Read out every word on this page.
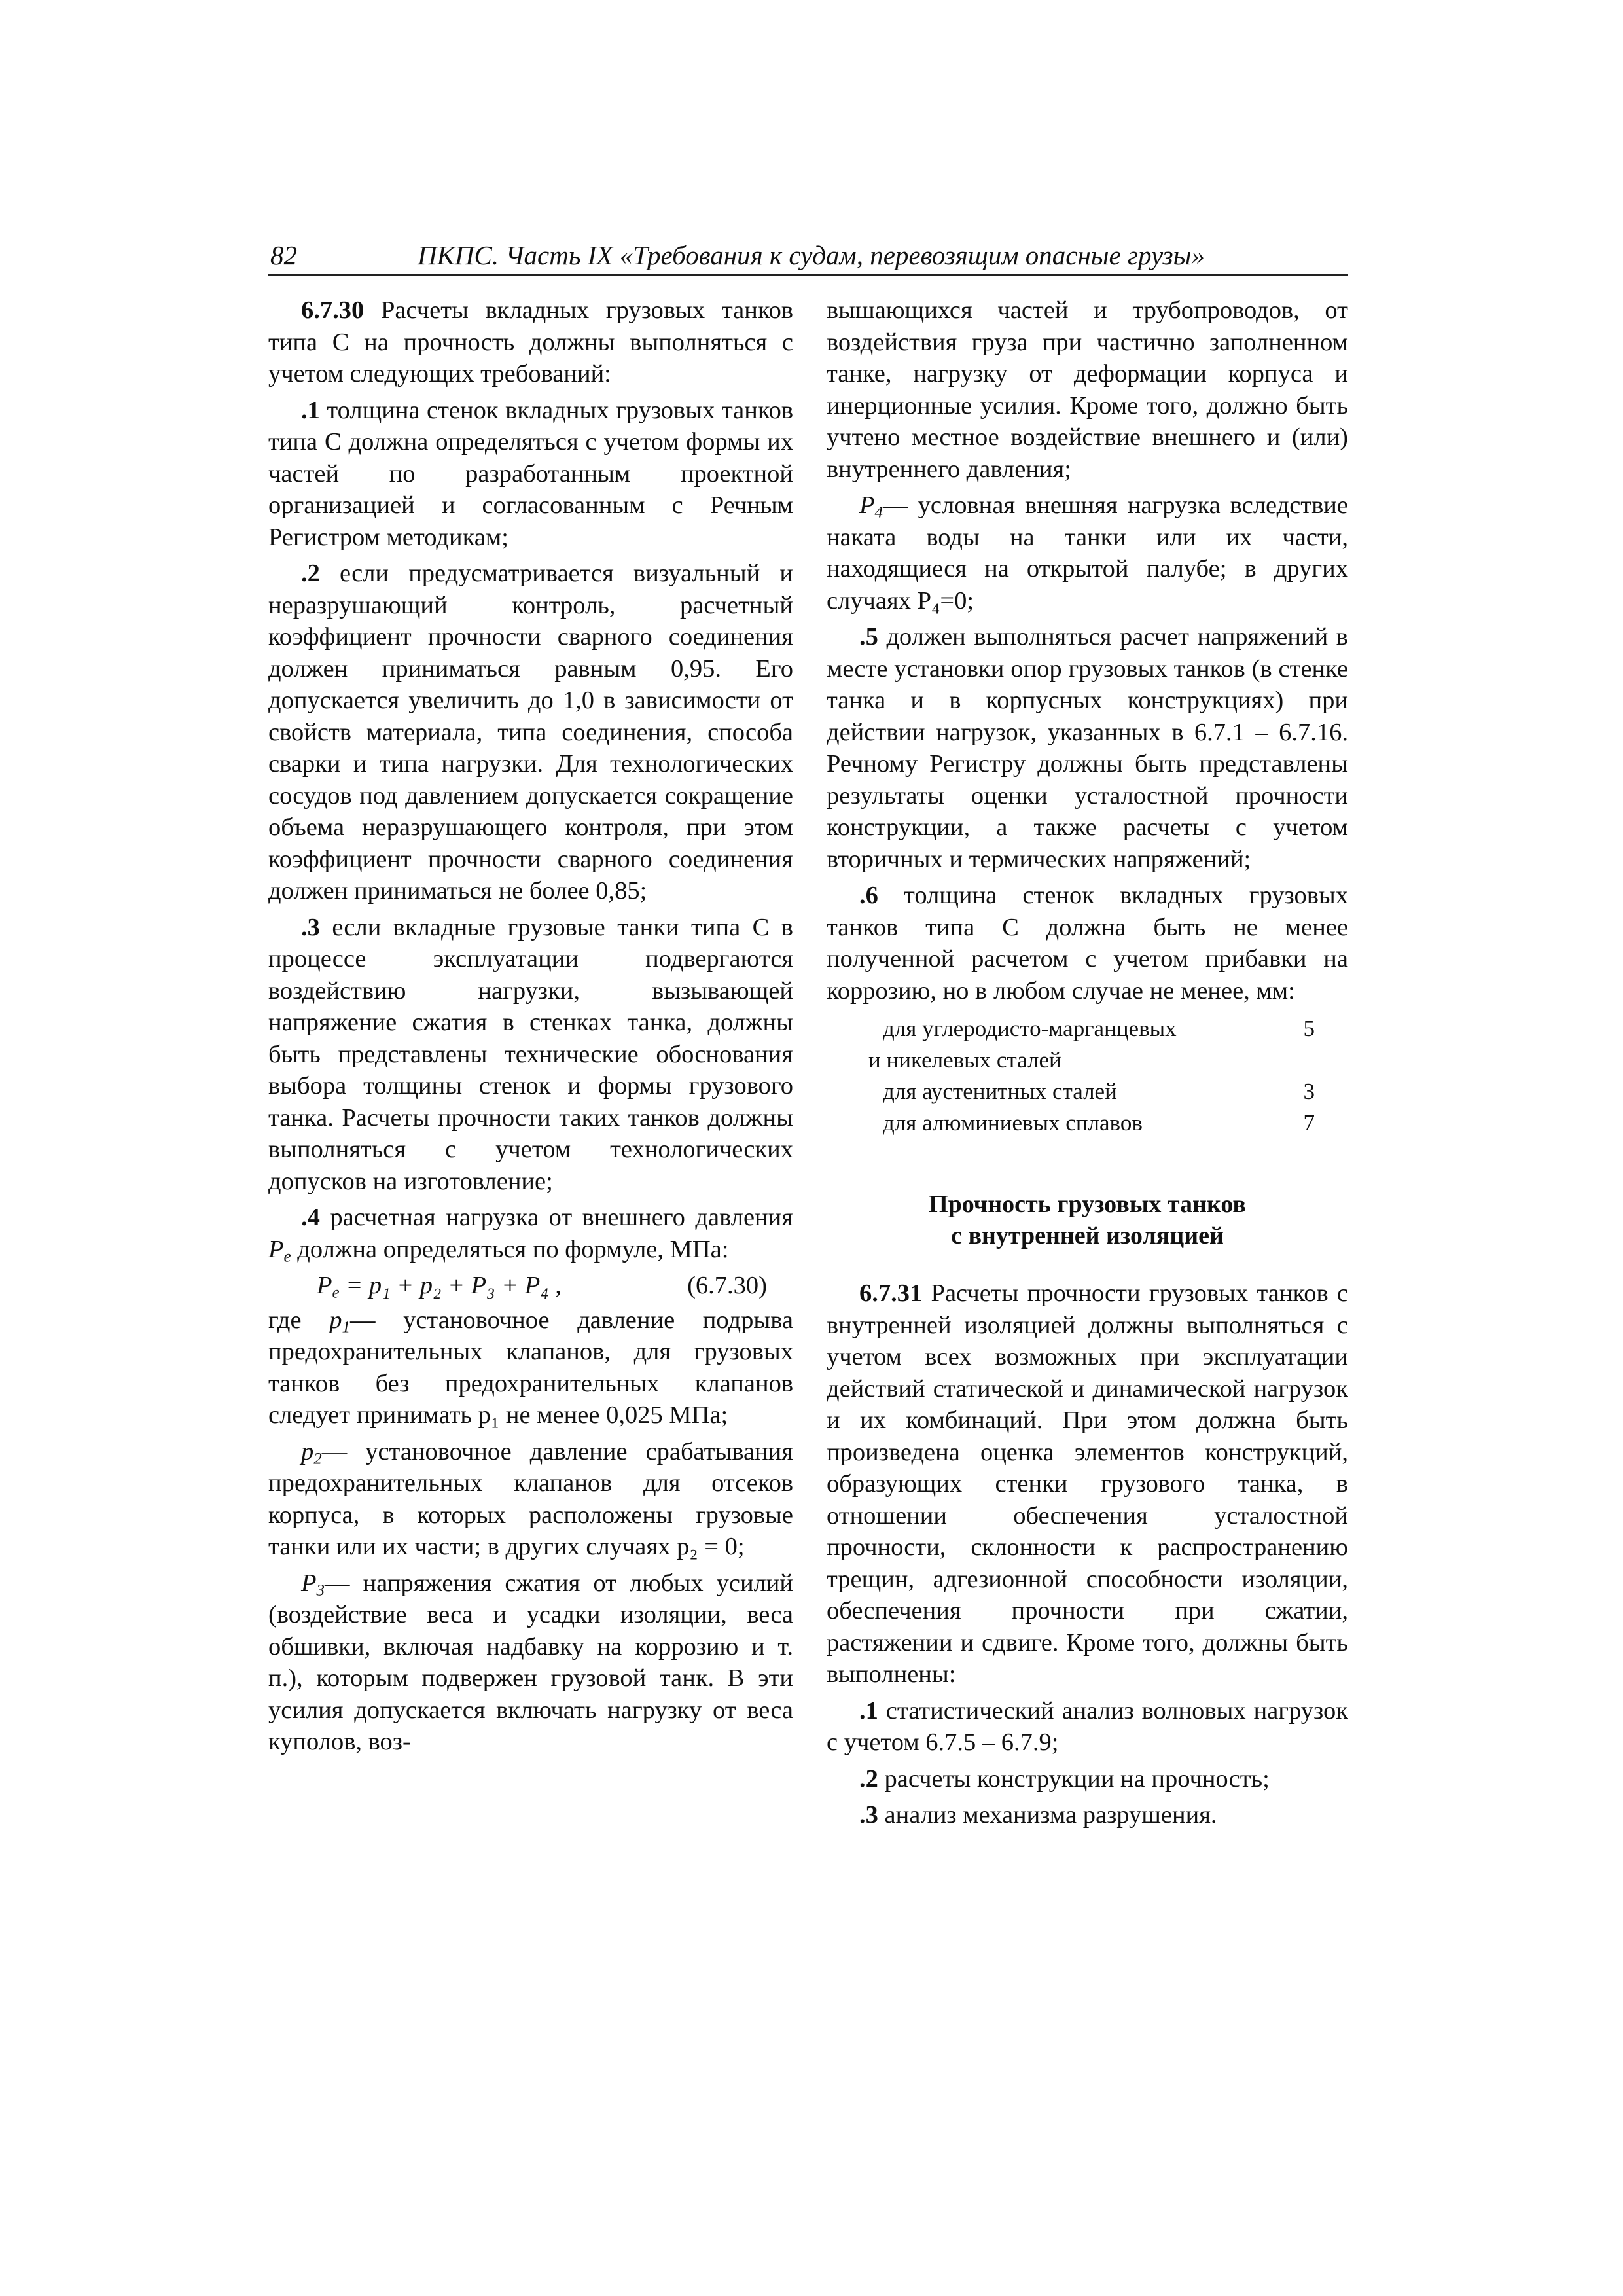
82	ПКПС. Часть IX «Требования к судам, перевозящим опасные грузы»

6.7.30 Расчеты вкладных грузовых танков типа С на прочность должны выполняться с учетом следующих требований:

.1 толщина стенок вкладных грузовых танков типа С должна определяться с учетом формы их частей по разработанным проектной организацией и согласованным с Речным Регистром методикам;

.2 если предусматривается визуальный и неразрушающий контроль, расчетный коэффициент прочности сварного соединения должен приниматься равным 0,95. Его допускается увеличить до 1,0 в зависимости от свойств материала, типа соединения, способа сварки и типа нагрузки. Для технологических сосудов под давлением допускается сокращение объема неразрушающего контроля, при этом коэффициент прочности сварного соединения должен приниматься не более 0,85;

.3 если вкладные грузовые танки типа С в процессе эксплуатации подвергаются воздействию нагрузки, вызывающей напряжение сжатия в стенках танка, должны быть представлены технические обоснования выбора толщины стенок и формы грузового танка. Расчеты прочности таких танков должны выполняться с учетом технологических допусков на изготовление;

.4 расчетная нагрузка от внешнего давления $P_e$ должна определяться по формуле, МПа:

$P_e = p_1 + p_2 + P_3 + P_4$ ,	(6.7.30)

где $p_1—$ установочное давление подрыва предохранительных клапанов, для грузовых танков без предохранительных клапанов следует принимать p₁ не менее 0,025 МПа;

$p_2—$ установочное давление срабатывания предохранительных клапанов для отсеков корпуса, в которых расположены грузовые танки или их части; в других случаях p₂ = 0;

$P_3—$ напряжения сжатия от любых усилий (воздействие веса и усадки изоляции, веса обшивки, включая надбавку на коррозию и т. п.), которым подвержен грузовой танк. В эти усилия допускается включать нагрузку от веса куполов, воз-

вышающихся частей и трубопроводов, от воздействия груза при частично заполненном танке, нагрузку от деформации корпуса и инерционные усилия. Кроме того, должно быть учтено местное воздействие внешнего и (или) внутреннего давления;

$P_4—$ условная внешняя нагрузка вследствие наката воды на танки или их части, находящиеся на открытой палубе; в других случаях P₄=0;

.5 должен выполняться расчет напряжений в месте установки опор грузовых танков (в стенке танка и в корпусных конструкциях) при действии нагрузок, указанных в 6.7.1 – 6.7.16. Речному Регистру должны быть представлены результаты оценки усталостной прочности конструкции, а также расчеты с учетом вторичных и термических напряжений;

.6 толщина стенок вкладных грузовых танков типа С должна быть не менее полученной расчетом с учетом прибавки на коррозию, но в любом случае не менее, мм:

для углеродисто-марганцевых	5
и никелевых сталей
для аустенитных сталей	3
для алюминиевых сплавов	7
Прочность грузовых танков
с внутренней изоляцией

6.7.31 Расчеты прочности грузовых танков с внутренней изоляцией должны выполняться с учетом всех возможных при эксплуатации действий статической и динамической нагрузок и их комбинаций. При этом должна быть произведена оценка элементов конструкций, образующих стенки грузового танка, в отношении обеспечения усталостной прочности, склонности к распространению трещин, адгезионной способности изоляции, обеспечения прочности при сжатии, растяжении и сдвиге. Кроме того, должны быть выполнены:

.1 статистический анализ волновых нагрузок с учетом 6.7.5 – 6.7.9;

.2 расчеты конструкции на прочность;

.3 анализ механизма разрушения.
